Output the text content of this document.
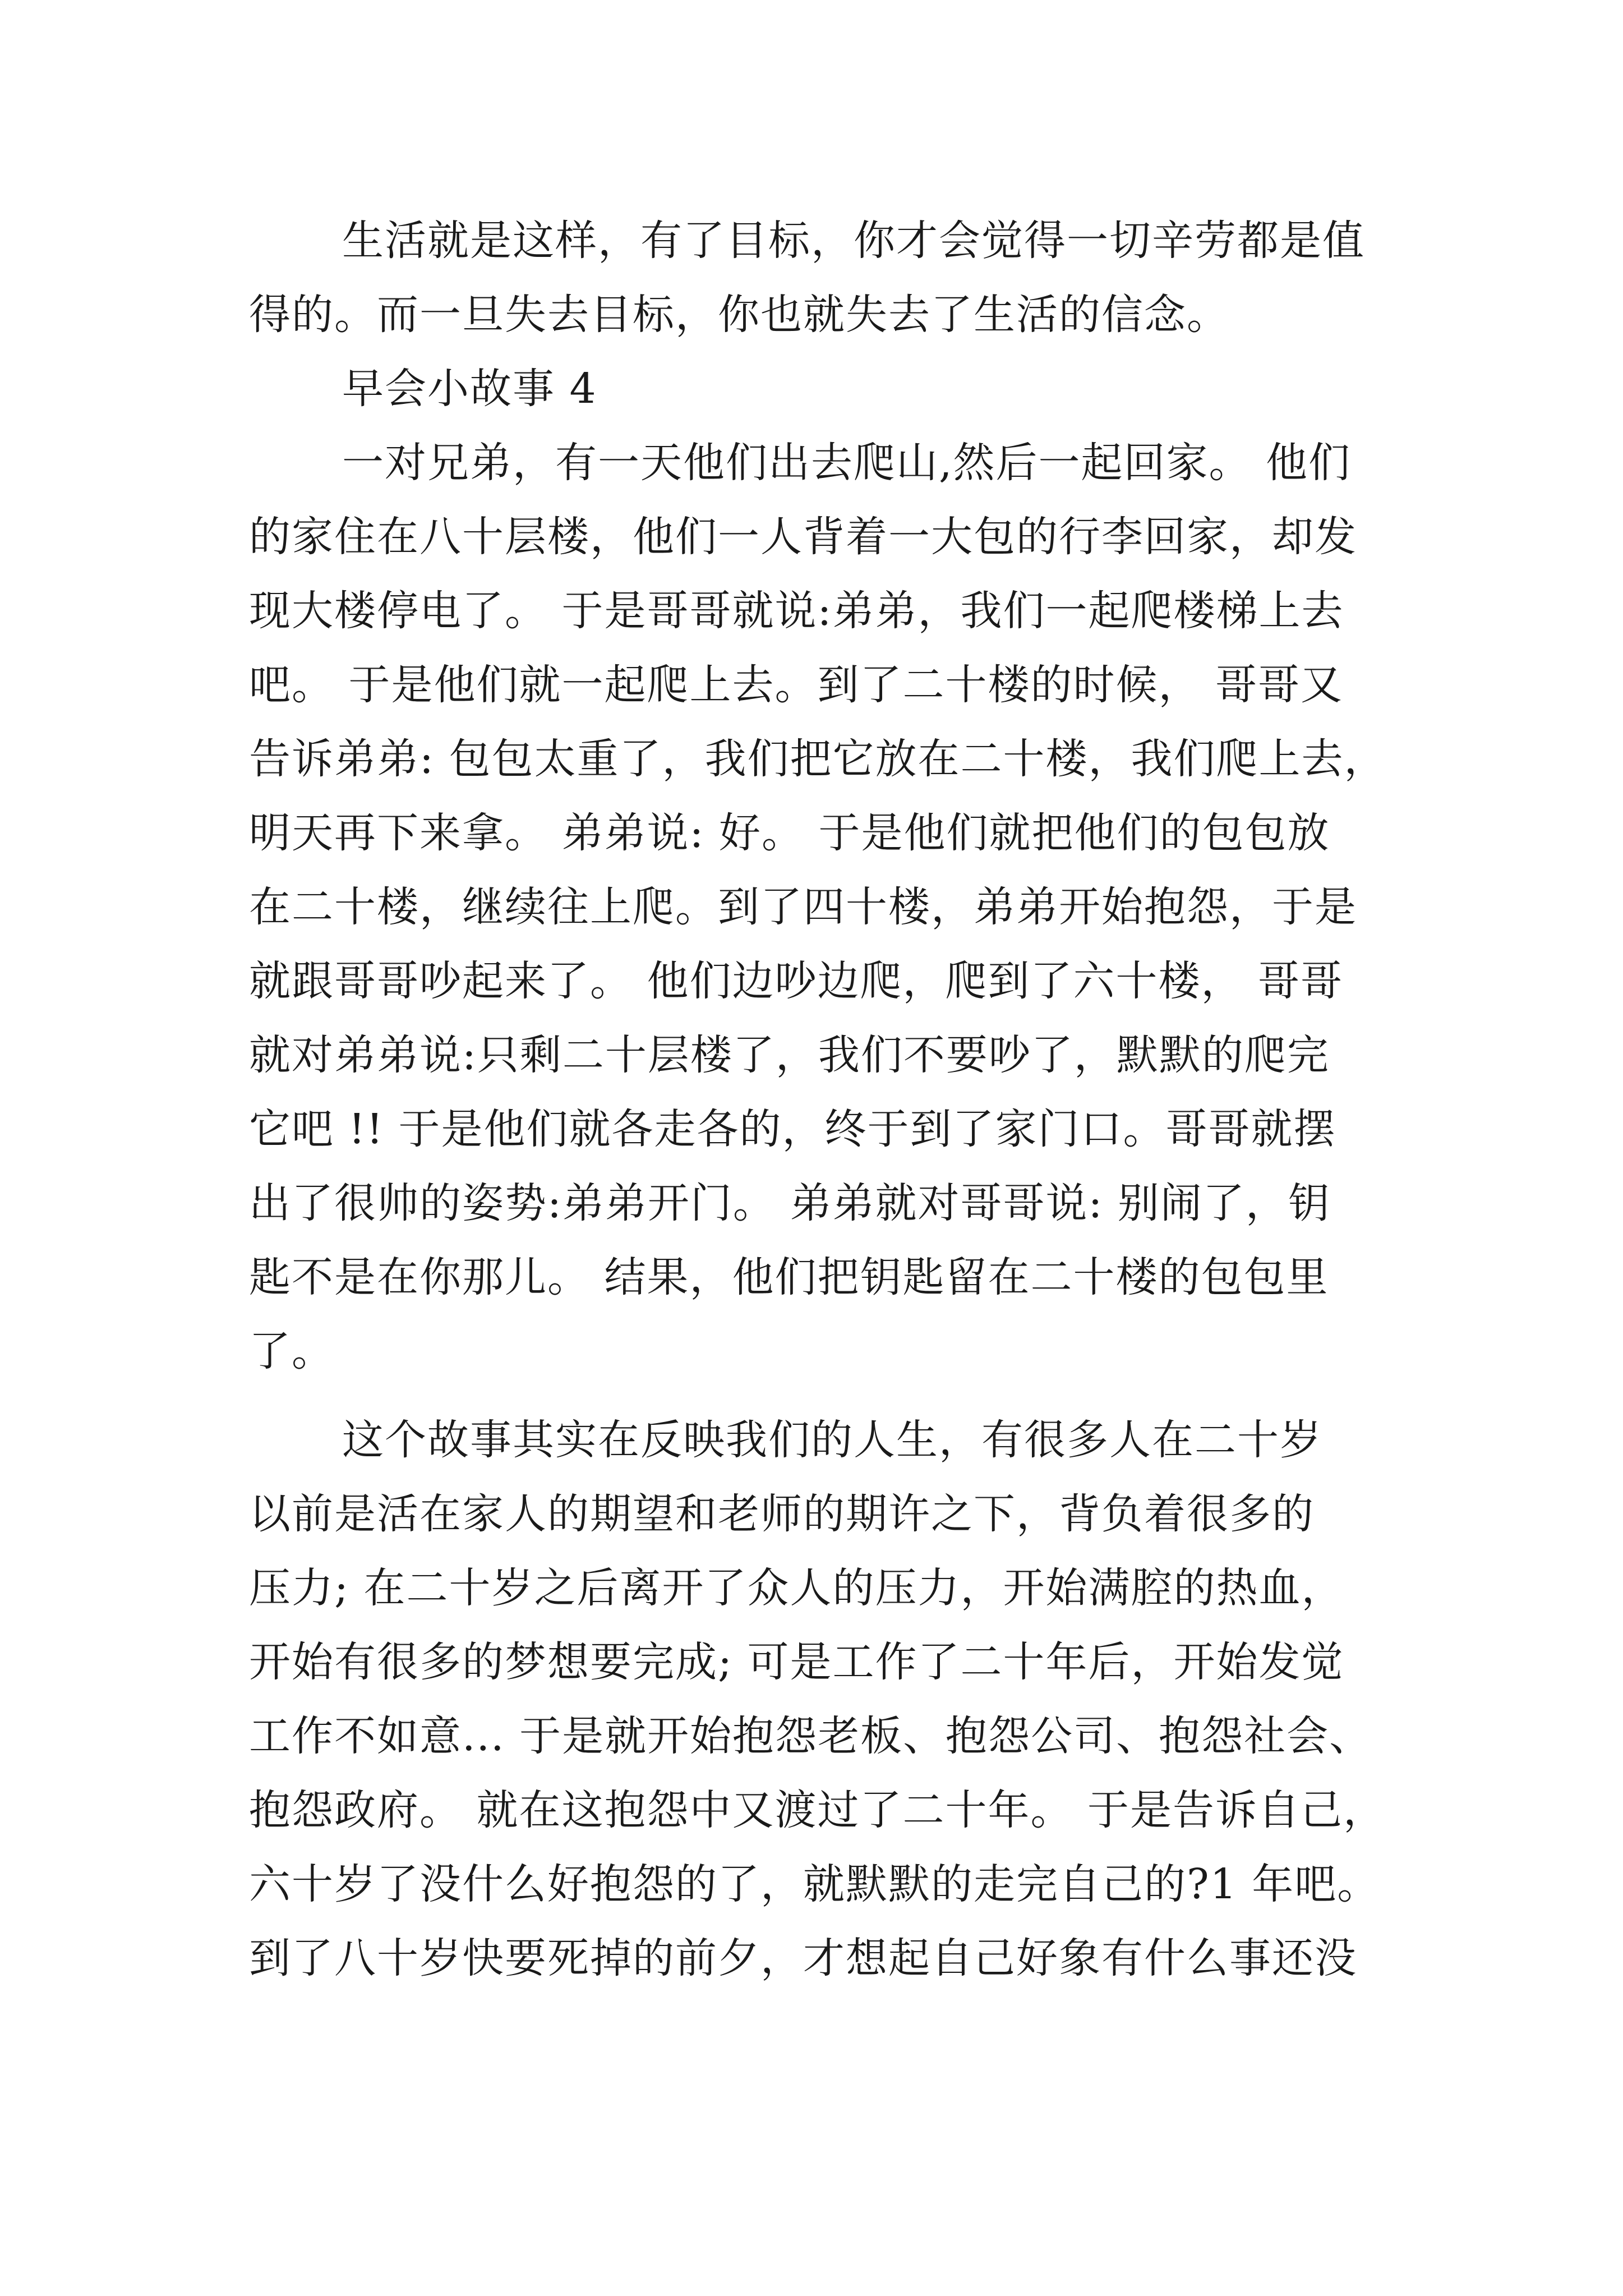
生活就是这样，有了目标，你才会觉得一切辛劳都是值
得的。而一旦失去目标，你也就失去了生活的信念。
早会小故事 4
一对兄弟，有一天他们出去爬山,然后一起回家。 他们
的家住在八十层楼，他们一人背着一大包的行李回家，却发
现大楼停电了。 于是哥哥就说:弟弟，我们一起爬楼梯上去
吧。 于是他们就一起爬上去。到了二十楼的时候， 哥哥又
告诉弟弟: 包包太重了，我们把它放在二十楼，我们爬上去，
明天再下来拿。 弟弟说: 好。 于是他们就把他们的包包放
在二十楼，继续往上爬。到了四十楼，弟弟开始抱怨，于是
就跟哥哥吵起来了。 他们边吵边爬，爬到了六十楼， 哥哥
就对弟弟说:只剩二十层楼了，我们不要吵了，默默的爬完
它吧 !! 于是他们就各走各的，终于到了家门口。哥哥就摆
出了很帅的姿势:弟弟开门。 弟弟就对哥哥说: 别闹了，钥
匙不是在你那儿。 结果，他们把钥匙留在二十楼的包包里
了。
这个故事其实在反映我们的人生，有很多人在二十岁
以前是活在家人的期望和老师的期许之下，背负着很多的
压力; 在二十岁之后离开了众人的压力，开始满腔的热血，
开始有很多的梦想要完成; 可是工作了二十年后，开始发觉
工作不如意... 于是就开始抱怨老板、抱怨公司、抱怨社会、
抱怨政府。 就在这抱怨中又渡过了二十年。 于是告诉自己，
六十岁了没什么好抱怨的了，就默默的走完自己的?1 年吧。
到了八十岁快要死掉的前夕，才想起自己好象有什么事还没
